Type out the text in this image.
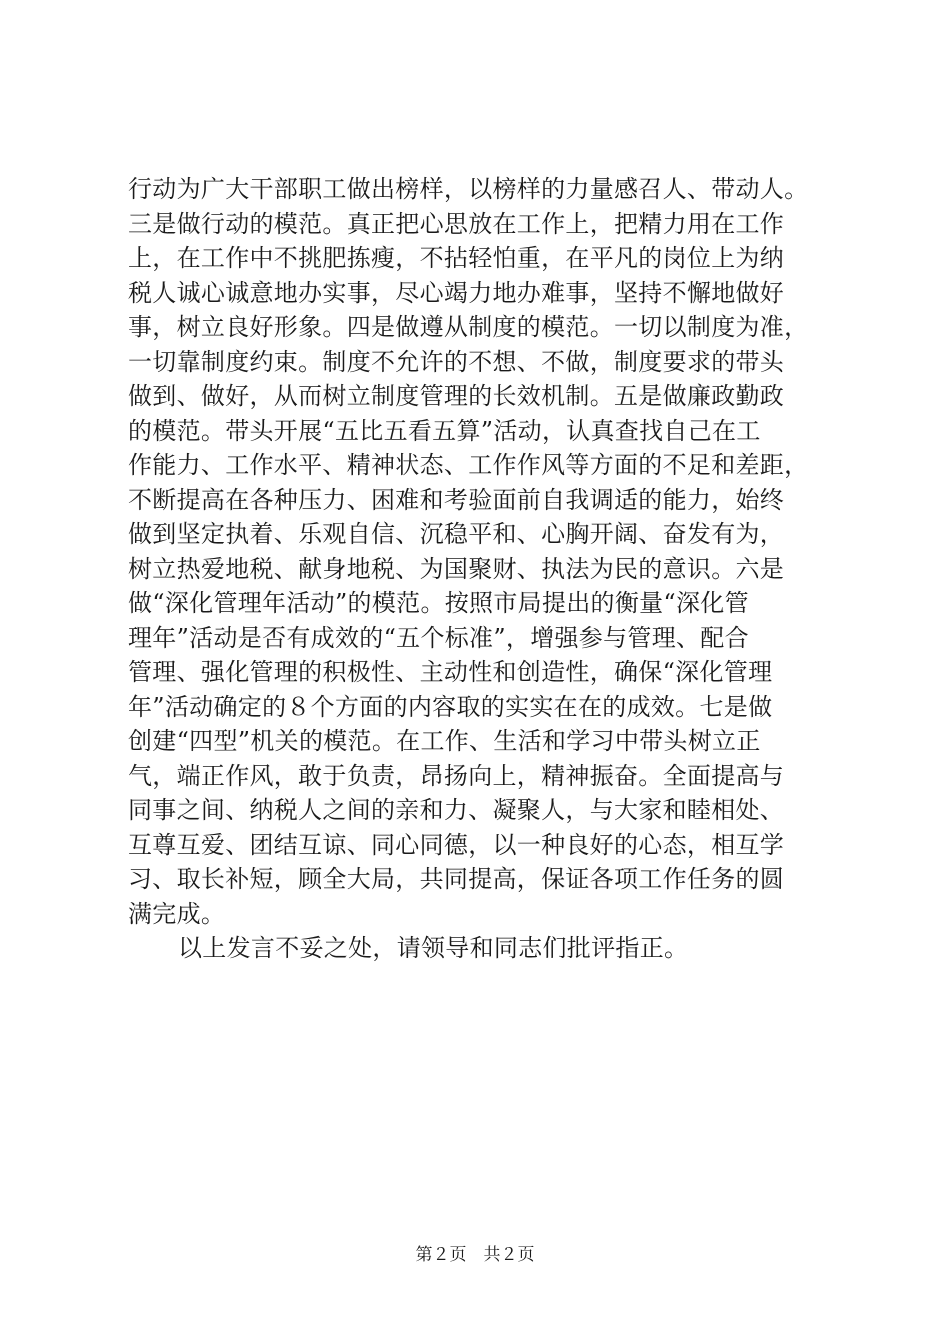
行动为广大干部职工做出榜样，以榜样的力量感召人、带动人。
三是做行动的模范。真正把心思放在工作上，把精力用在工作
上，在工作中不挑肥拣瘦，不拈轻怕重，在平凡的岗位上为纳
税人诚心诚意地办实事，尽心竭力地办难事，坚持不懈地做好
事，树立良好形象。四是做遵从制度的模范。一切以制度为准，
一切靠制度约束。制度不允许的不想、不做，制度要求的带头
做到、做好，从而树立制度管理的长效机制。五是做廉政勤政
的模范。带头开展“五比五看五算”活动，认真查找自己在工
作能力、工作水平、精神状态、工作作风等方面的不足和差距，
不断提高在各种压力、困难和考验面前自我调适的能力，始终
做到坚定执着、乐观自信、沉稳平和、心胸开阔、奋发有为，
树立热爱地税、献身地税、为国聚财、执法为民的意识。六是
做“深化管理年活动”的模范。按照市局提出的衡量“深化管
理年”活动是否有成效的“五个标准”，增强参与管理、配合
管理、强化管理的积极性、主动性和创造性，确保“深化管理
年”活动确定的８个方面的内容取的实实在在的成效。七是做
创建“四型”机关的模范。在工作、生活和学习中带头树立正
气，端正作风，敢于负责，昂扬向上，精神振奋。全面提高与
同事之间、纳税人之间的亲和力、凝聚人，与大家和睦相处、
互尊互爱、团结互谅、同心同德，以一种良好的心态，相互学
习、取长补短，顾全大局，共同提高，保证各项工作任务的圆
满完成。
以上发言不妥之处，请领导和同志们批评指正。
第２页　共２页
